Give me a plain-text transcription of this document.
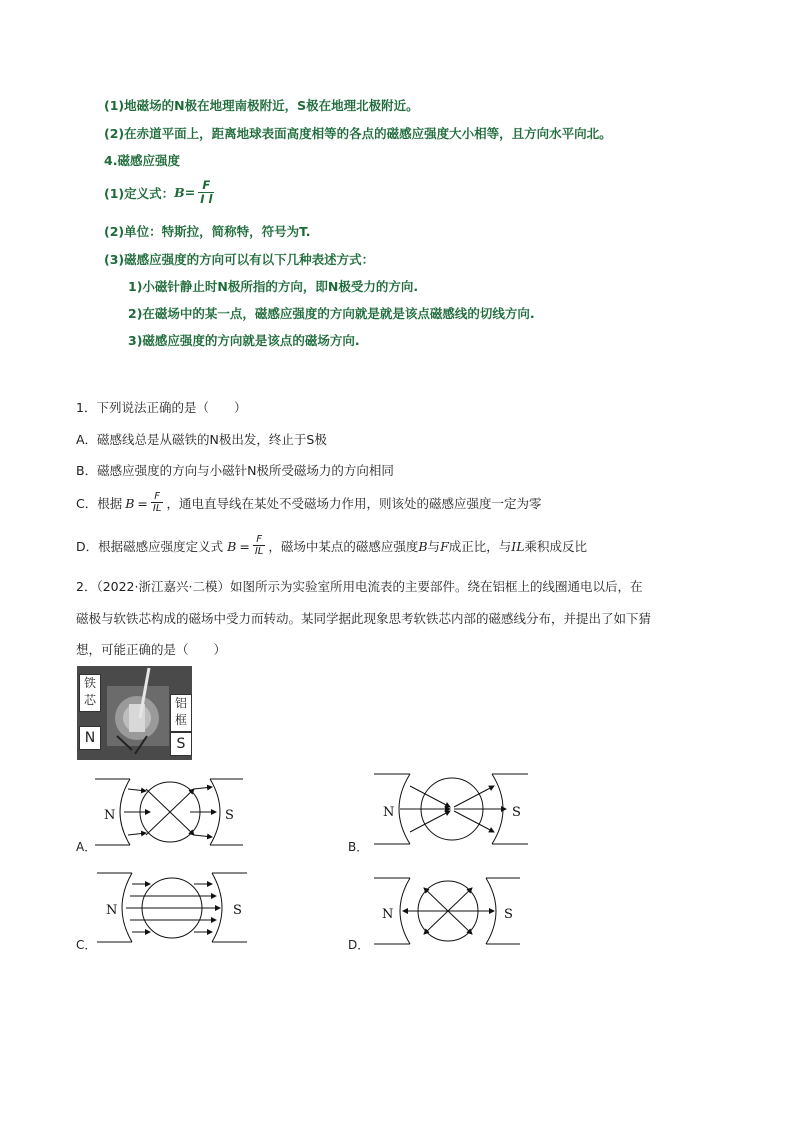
(1)地磁场的N极在地理南极附近，S极在地理北极附近。
(2)在赤道平面上，距离地球表面高度相等的各点的磁感应强度大小相等，且方向水平向北。
4.磁感应强度
(1)定义式： $B = \frac{F}{\text{I l}}$
(2)单位：特斯拉，简称特，符号为T.
(3)磁感应强度的方向可以有以下几种表述方式：
1)小磁针静止时N极所指的方向，即N极受力的方向.
2)在磁场中的某一点，磁感应强度的方向就是就是该点磁感线的切线方向.
3)磁感应强度的方向就是该点的磁场方向.
1．下列说法正确的是（　　）
A．磁感线总是从磁铁的N极出发，终止于S极
B．磁感应强度的方向与小磁针N极所受磁场力的方向相同
C．根据 $B = \frac{F}{IL}$ ，通电直导线在某处不受磁场力作用，则该处的磁感应强度一定为零
D．根据磁感应强度定义式 $B = \frac{F}{IL}$ ，磁场中某点的磁感应强度 B 与 F 成正比，与 IL 乘积成反比
2．（2022·浙江嘉兴·二模）如图所示为实验室所用电流表的主要部件。绕在铝框上的线圈通电以后，在
磁极与软铁芯构成的磁场中受力而转动。某同学据此现象思考软铁芯内部的磁感线分布，并提出了如下猜
想，可能正确的是（　　）
铁芯	铝框
N	S
N	S	N	S
N	S	N	S
A．	B．
C．	D．
